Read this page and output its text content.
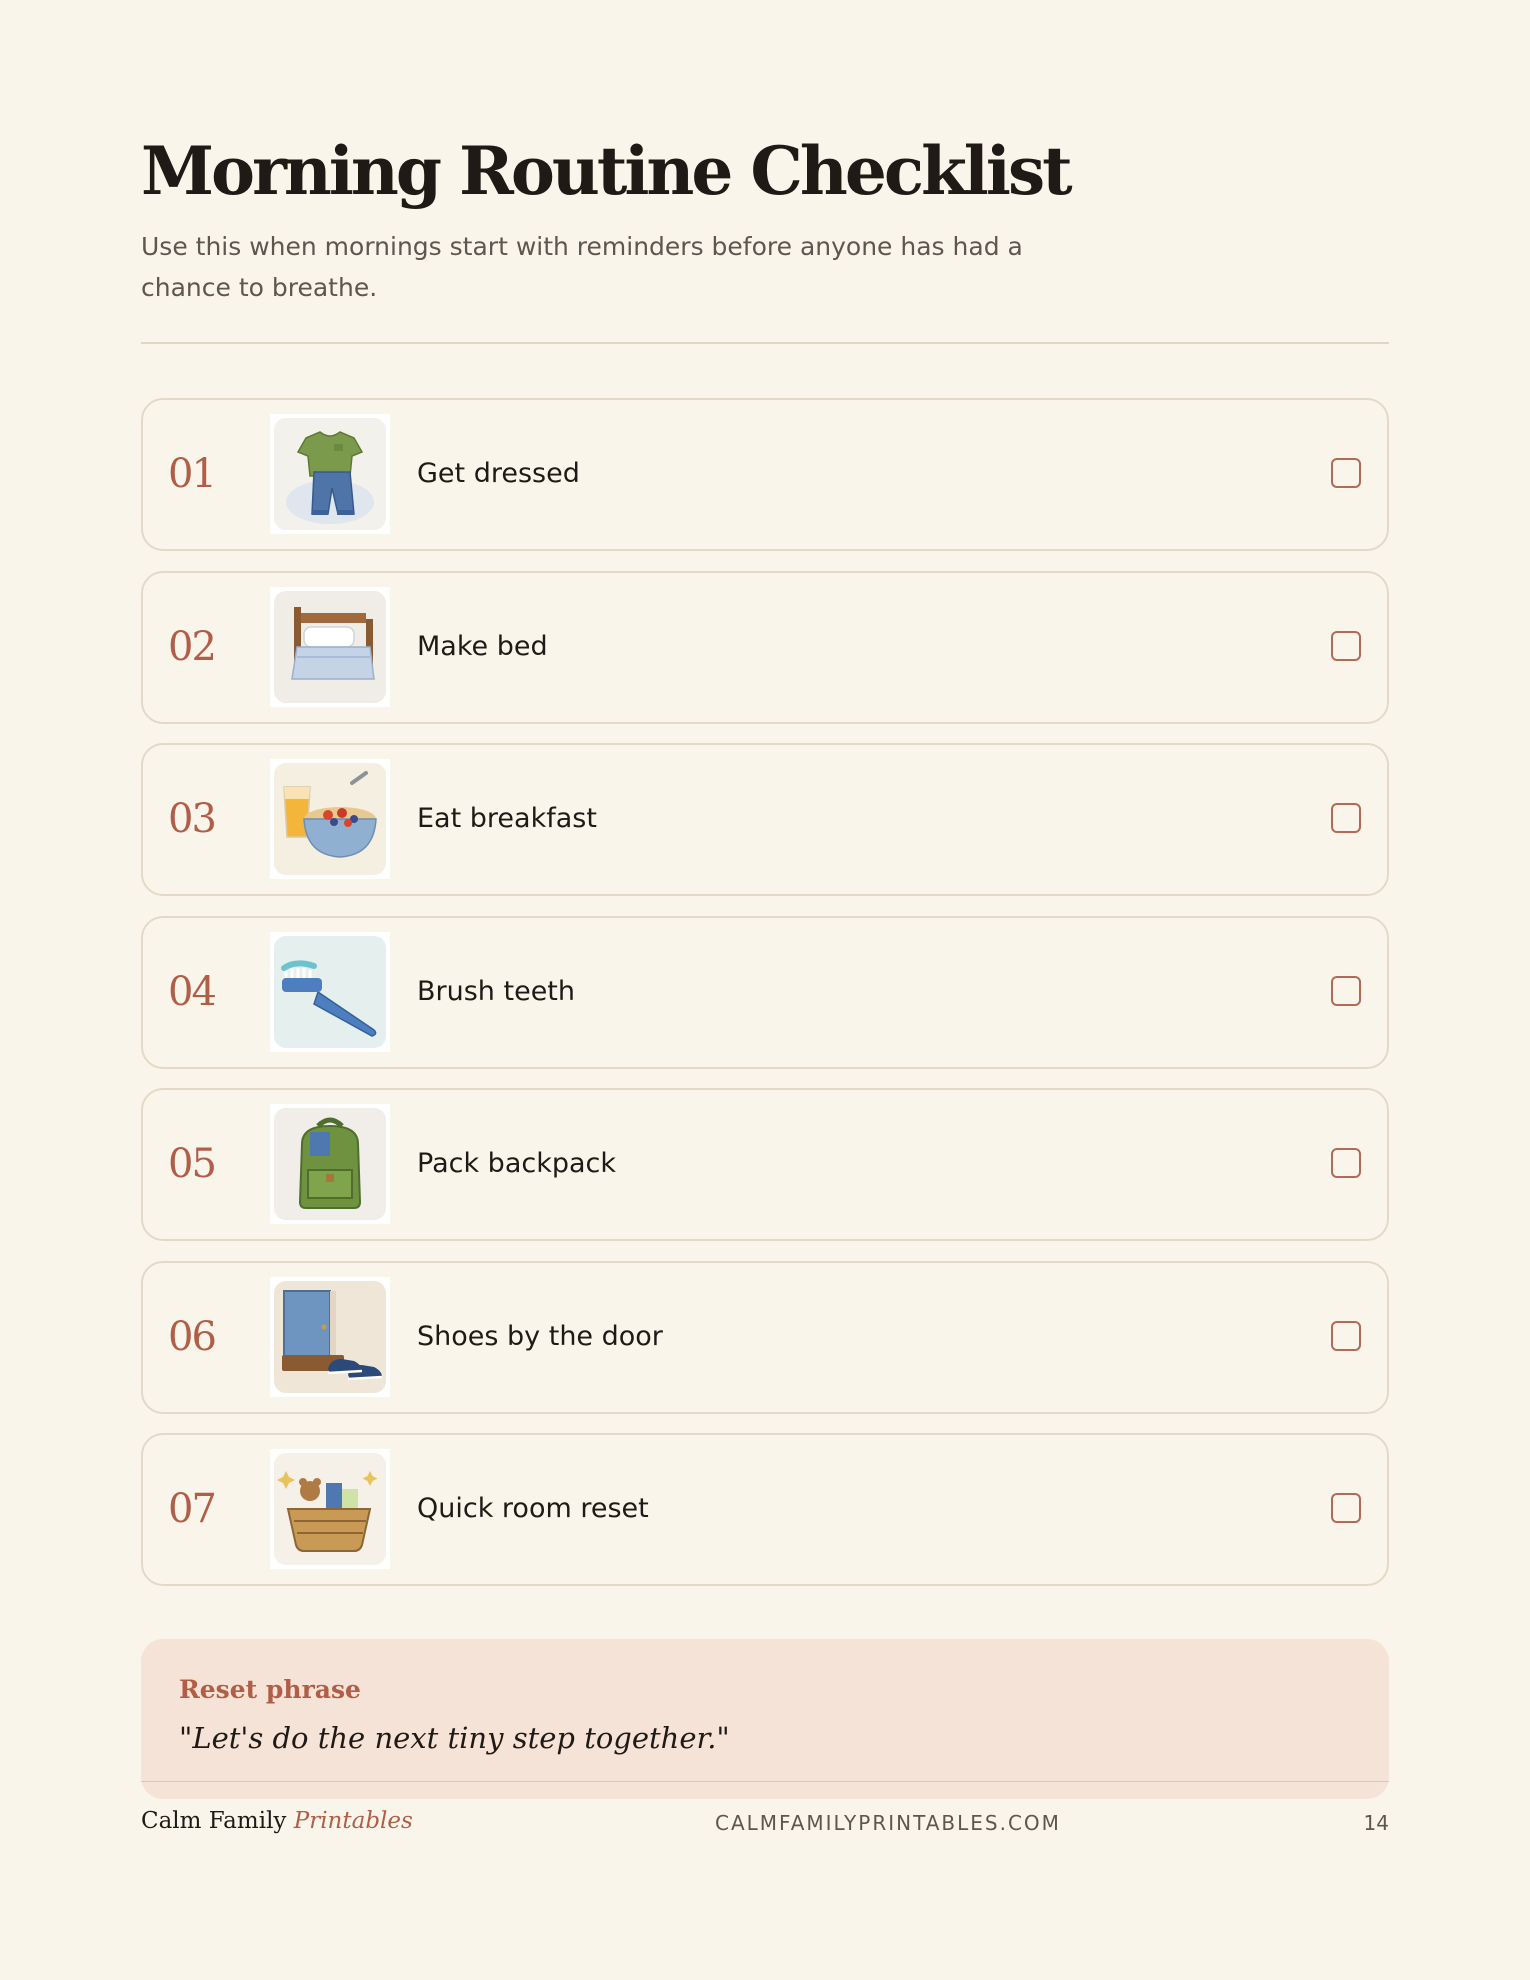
Morning Routine Checklist
Use this when mornings start with reminders before anyone has had a chance to breathe.
01	Get dressed
02	Make bed
03	Eat breakfast
04	Brush teeth
05	Pack backpack
06	Shoes by the door
07	Quick room reset
Reset phrase
"Let's do the next tiny step together."
Calm Family Printables	CALMFAMILYPRINTABLES.COM	14
